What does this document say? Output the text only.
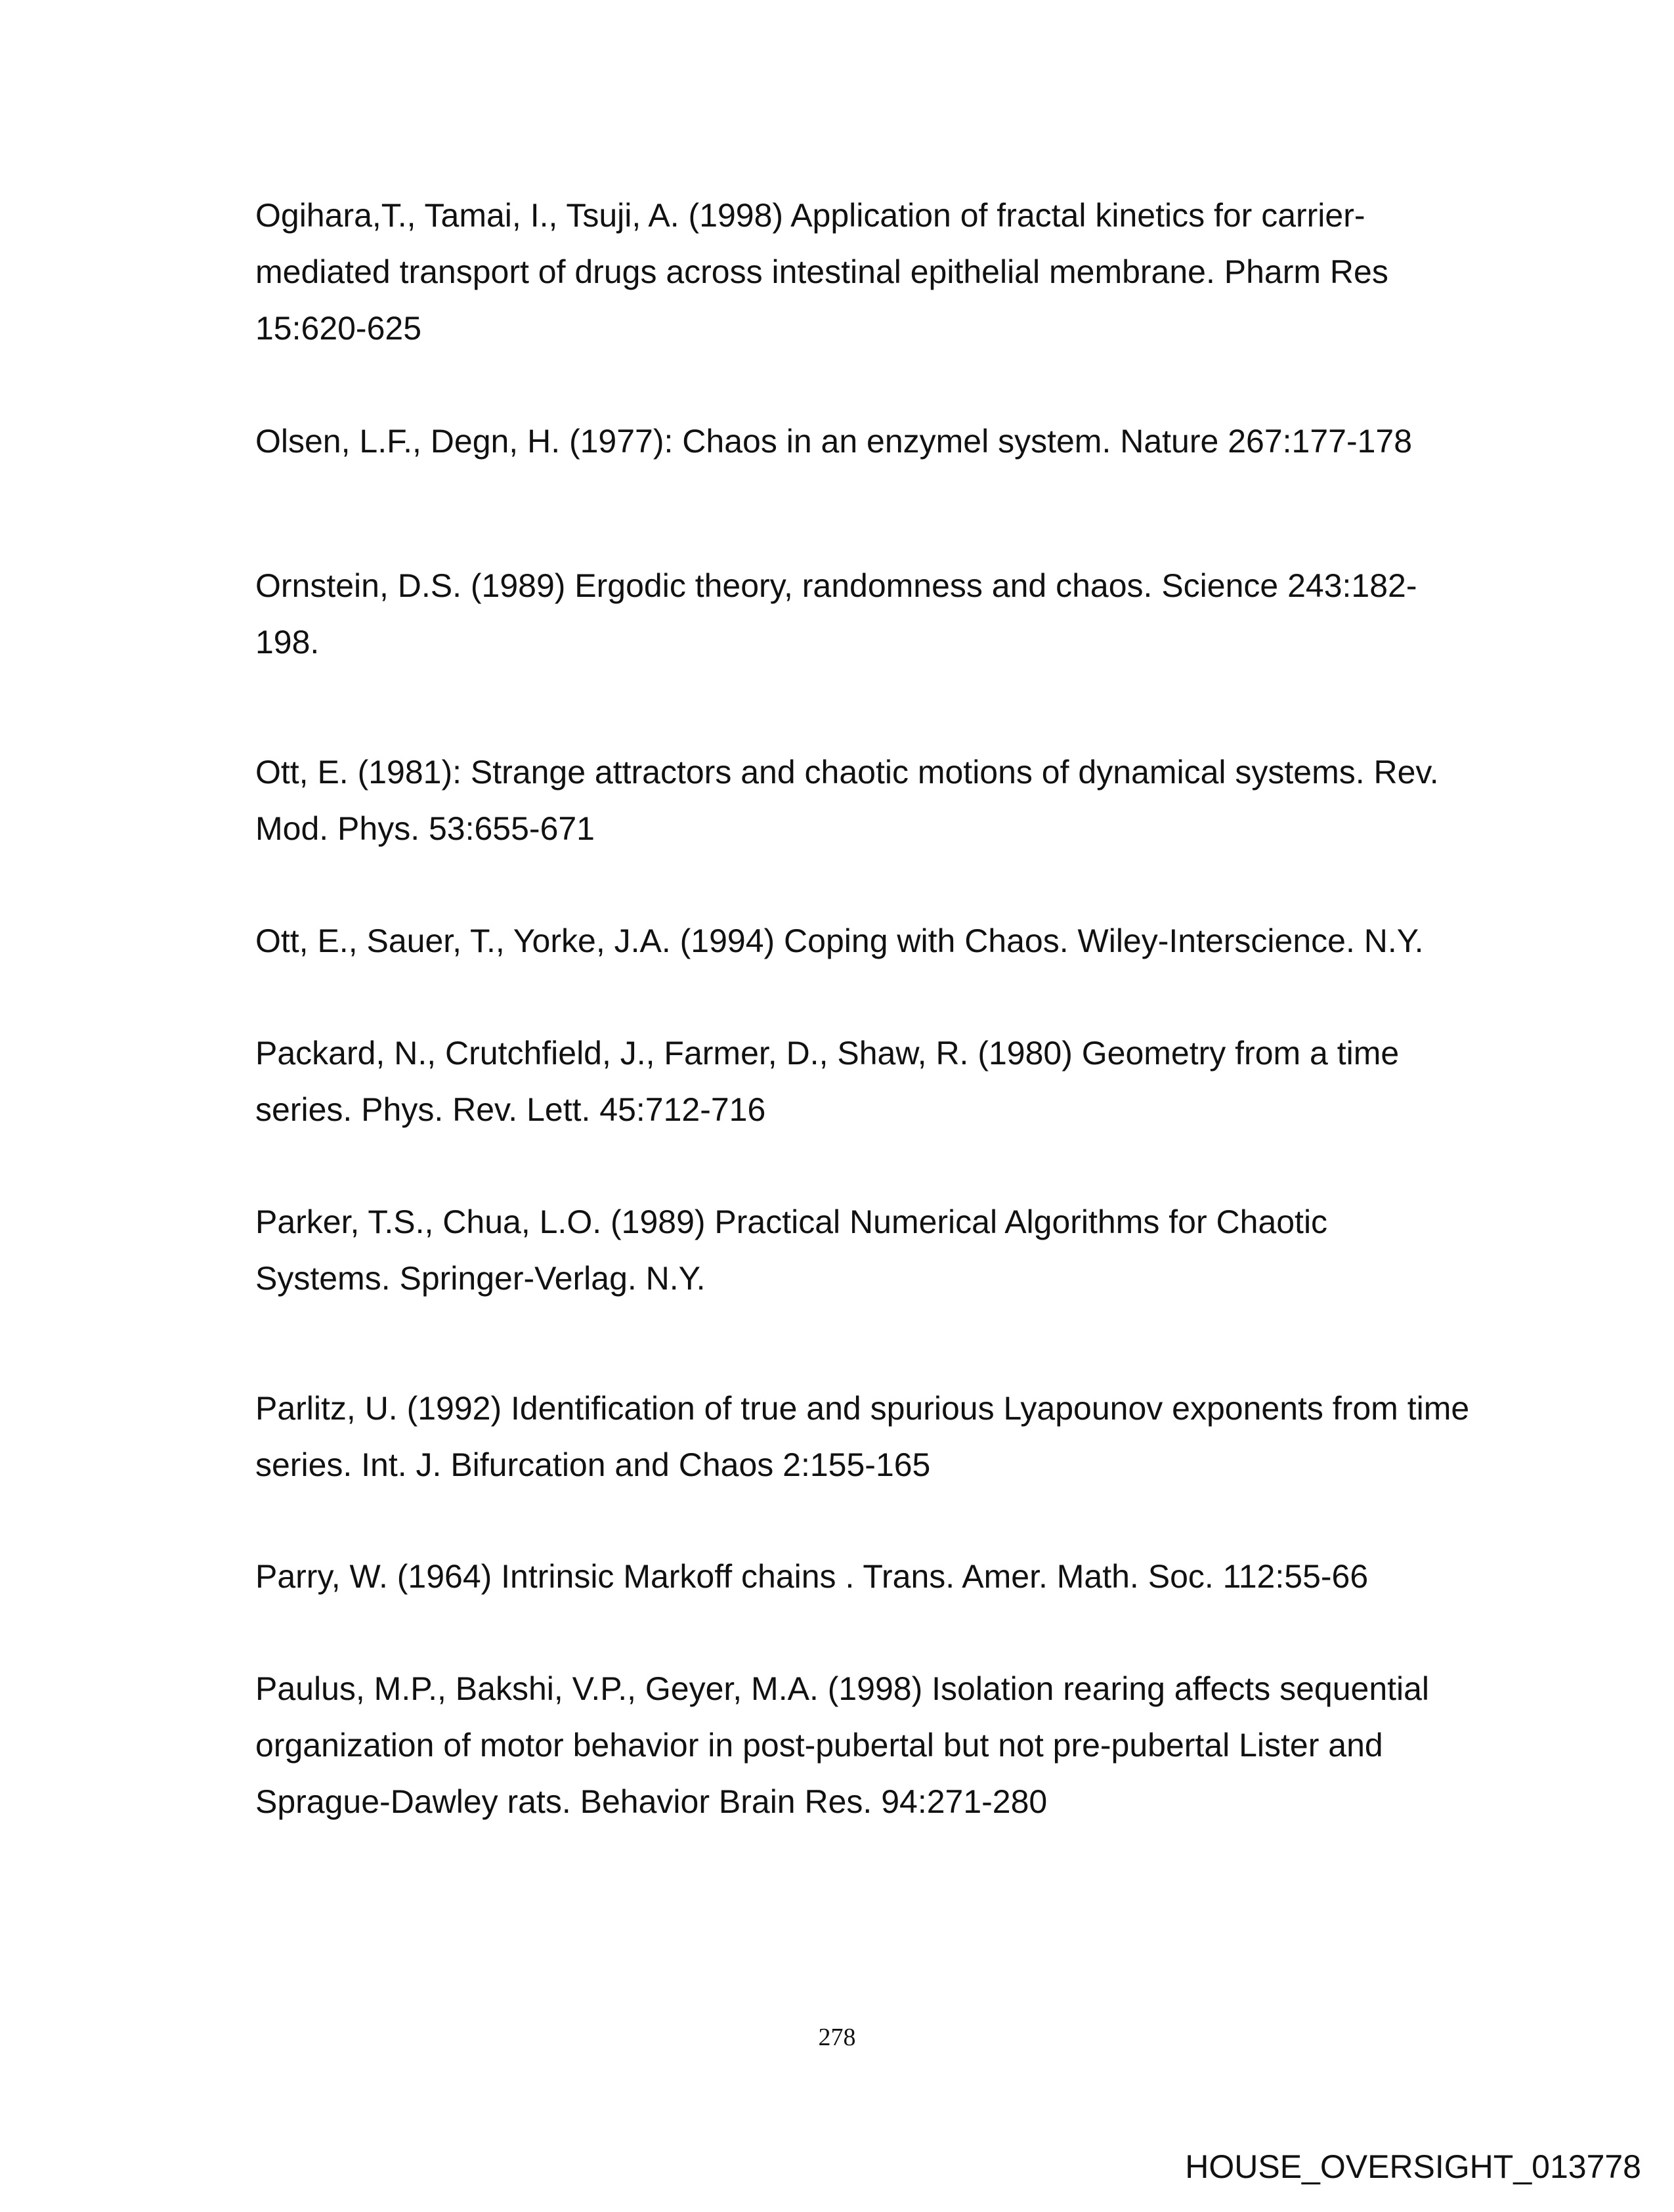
Ogihara,T., Tamai, I., Tsuji, A. (1998) Application of fractal kinetics for carrier-
mediated transport of drugs across intestinal epithelial membrane. Pharm Res
15:620-625

Olsen, L.F., Degn, H. (1977): Chaos in an enzymel system. Nature 267:177-178

Ornstein, D.S. (1989) Ergodic theory, randomness and chaos. Science 243:182-
198.

Ott, E. (1981): Strange attractors and chaotic motions of dynamical systems. Rev.
Mod. Phys. 53:655-671

Ott, E., Sauer, T., Yorke, J.A. (1994) Coping with Chaos. Wiley-Interscience. N.Y.

Packard, N., Crutchfield, J., Farmer, D., Shaw, R. (1980) Geometry from a time
series. Phys. Rev. Lett. 45:712-716

Parker, T.S., Chua, L.O. (1989) Practical Numerical Algorithms for Chaotic
Systems. Springer-Verlag. N.Y.

Parlitz, U. (1992) Identification of true and spurious Lyapounov exponents from time
series. Int. J. Bifurcation and Chaos 2:155-165

Parry, W. (1964) Intrinsic Markoff chains . Trans. Amer. Math. Soc. 112:55-66

Paulus, M.P., Bakshi, V.P., Geyer, M.A. (1998) Isolation rearing affects sequential
organization of motor behavior in post-pubertal but not pre-pubertal Lister and
Sprague-Dawley rats. Behavior Brain Res. 94:271-280

278
HOUSE_OVERSIGHT_013778
